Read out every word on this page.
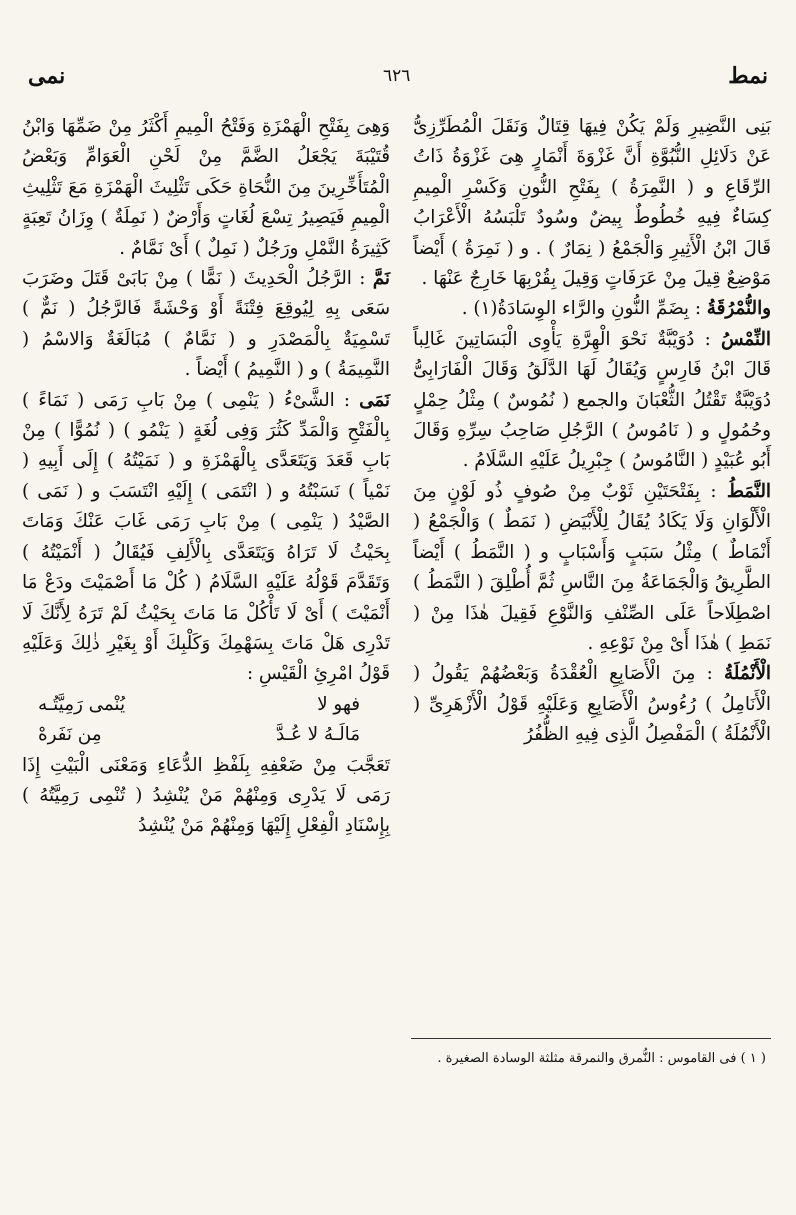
نمط
٦٢٦
نمى

بَنِى النَّضِيرِ وَلَمْ يَكُنْ فِيهَا قِتَالٌ وَنَقَلَ الْمُطَرِّزِىُّ عَنْ دَلَائِلِ النُّبُوَّةِ أَنَّ غَزْوَةَ أَنْمَارٍ هِىَ غَزْوَةُ ذَاتُ الرِّقَاعِ و ( النَّمِرَةُ ) بِفَتْحِ النُّونِ وَكَسْرِ الْمِيمِ كِسَاءٌ فِيهِ خُطُوطٌ بِيضٌ وسُودٌ تَلْبَسُهُ الْأَعْرَابُ قَالَ ابْنُ الْأَثِيرِ وَالْجَمْعُ ( نِمَارٌ ) . و ( نَمِرَةُ ) أَيْضاً مَوْضِعٌ قِيلَ مِنْ عَرَفَاتٍ وَقِيلَ بِقُرْبِهَا خَارِجٌ عَنْهَا .

والنُّمْرُقَةُ : بِضَمِّ النُّونِ والرَّاء الوِسَادَةُ(١) .

النِّمْسُ : دُوَيْبَّةٌ نَحْوَ الْهِرَّةِ يَأْوِى الْبَسَاتِينَ غَالِباً قَالَ ابْنُ فَارِسٍ وَيُقَالُ لَهَا الدَّلَقُ وَقَالَ الْفَارَابِىُّ دُوَيْبَّةٌ تَقْتُلُ الثُّعْبَانَ والجمع ( نُمُوسٌ ) مِثْلُ حِمْلٍ وحُمُولٍ و ( نَامُوسُ ) الرَّجُلِ صَاحِبُ سِرِّهِ وَقَالَ أَبُو عُبَيْدٍ ( النَّامُوسُ ) جِبْرِيلُ عَلَيْهِ السَّلَامُ .

النَّمَطُ : بِفَتْحَتَيْنِ ثَوْبٌ مِنْ صُوفٍ ذُو لَوْنٍ مِنَ الْأَلْوَانِ وَلَا يَكَادُ يُقَالُ لِلْأَبْيَضِ ( نَمَطٌ ) وَالْجَمْعُ ( أَنْمَاطٌ ) مِثْلُ سَبَبٍ وَأَسْبَابٍ و ( النَّمَطُ ) أَيْضاً الطَّرِيقُ وَالْجَمَاعَةُ مِنَ النَّاسِ ثُمَّ أُطْلِقَ ( النَّمَطُ ) اصْطِلَاحاً عَلَى الصِّنْفِ وَالنَّوْعِ فَقِيلَ هٰذَا مِنْ ( نَمَطِ ) هٰذَا أَىْ مِنْ نَوْعِهِ .

الْأَنْمُلَةُ : مِنَ الْأَصَابِعِ الْعُقْدَةُ وَبَعْضُهُمْ يَقُولُ ( الْأَنَامِلُ ) رُءُوسُ الْأَصَابِعِ وَعَلَيْهِ قَوْلُ الْأَزْهَرِىِّ ( الْأَنْمُلَةُ ) الْمَفْصِلُ الَّذِى فِيهِ الظُّفُرُ

وَهِىَ بِفَتْحِ الْهَمْزَةِ وَفَتْحُ الْمِيمِ أَكْثَرُ مِنْ ضَمِّهَا وَابْنُ قُتَيْبَةَ يَجْعَلُ الضَّمَّ مِنْ لَحْنِ الْعَوَامِّ وَبَعْضُ الْمُتَأَخِّرِينَ مِنَ النُّحَاةِ حَكَى تَثْلِيثَ الْهَمْزَةِ مَعَ تَثْلِيثِ الْمِيمِ فَيَصِيرُ تِسْعَ لُغَاتٍ وَأَرْضٌ ( نَمِلَةٌ ) وِزَانُ تَعِبَةٍ كَثِيرَةُ النَّمْلِ ورَجُلٌ ( نَمِلٌ ) أَىْ نَمَّامٌ .

نَمَّ : الرَّجُلُ الْحَدِيثَ ( نَمًّا ) مِنْ بَابَىْ قَتَلَ وضَرَبَ سَعَى بِهِ لِيُوقِعَ فِتْنَةً أَوْ وَحْشَةً فَالرَّجُلُ ( نَمٌّ ) تَسْمِيَةٌ بِالْمَصْدَرِ و ( نَمَّامٌ ) مُبَالَغَةٌ وَالاسْمُ ( النَّمِيمَةُ ) و ( النَّمِيمُ ) أَيْضاً .

نَمَى : الشَّىْءُ ( يَنْمِى ) مِنْ بَابِ رَمَى ( نَمَاءً ) بِالْفَتْحِ وَالْمَدِّ كَثُرَ وَفِى لُغَةٍ ( يَنْمُو ) ( نُمُوًّا ) مِنْ بَابِ قَعَدَ وَيَتَعَدَّى بِالْهَمْزَةِ و ( نَمَيْتُهُ ) إِلَى أَبِيهِ ( نَمْياً ) نَسَبْتُهُ و ( انْتَمَى ) إِلَيْهِ انْتَسَبَ و ( نَمَى ) الصَّيْدُ ( يَنْمِى ) مِنْ بَابِ رَمَى غَابَ عَنْكَ وَمَاتَ بِحَيْثُ لَا تَرَاهُ وَيَتَعَدَّى بِالْأَلِفِ فَيُقَالُ ( أَنْمَيْتُهُ ) وَتَقَدَّمَ قَوْلُهُ عَلَيْهِ السَّلَامُ ( كُلْ مَا أَصْمَيْتَ ودَعْ مَا أَنْمَيْتَ ) أَىْ لَا تَأْكُلْ مَا مَاتَ بِحَيْثُ لَمْ تَرَهُ لِأَنَّكَ لَا تَدْرِى هَلْ مَاتَ بِسَهْمِكَ وَكَلْبِكَ أَوْ بِغَيْرِ ذٰلِكَ وَعَلَيْهِ قَوْلُ امْرِئِ الْقَيْسِ :

فهو لا
يُنْمى رَمِيَّتُـه
مَالَـهُ لا عُـدَّ
مِن نَفَرهْ

تَعَجَّبَ مِنْ ضَعْفِهِ بِلَفْظِ الدُّعَاءِ وَمَعْنَى الْبَيْتِ إِذَا رَمَى لَا يَدْرِى وَمِنْهُمْ مَنْ يُنْشِدُ ( تُنْمِى رَمِيَّتُهُ ) بِإِسْنَادِ الْفِعْلِ إِلَيْهَا وَمِنْهُمْ مَنْ يُنْشِدُ

( ١ ) فى القاموس : النُّمرق والنمرقة مثلثة الوسادة الصغيرة .
